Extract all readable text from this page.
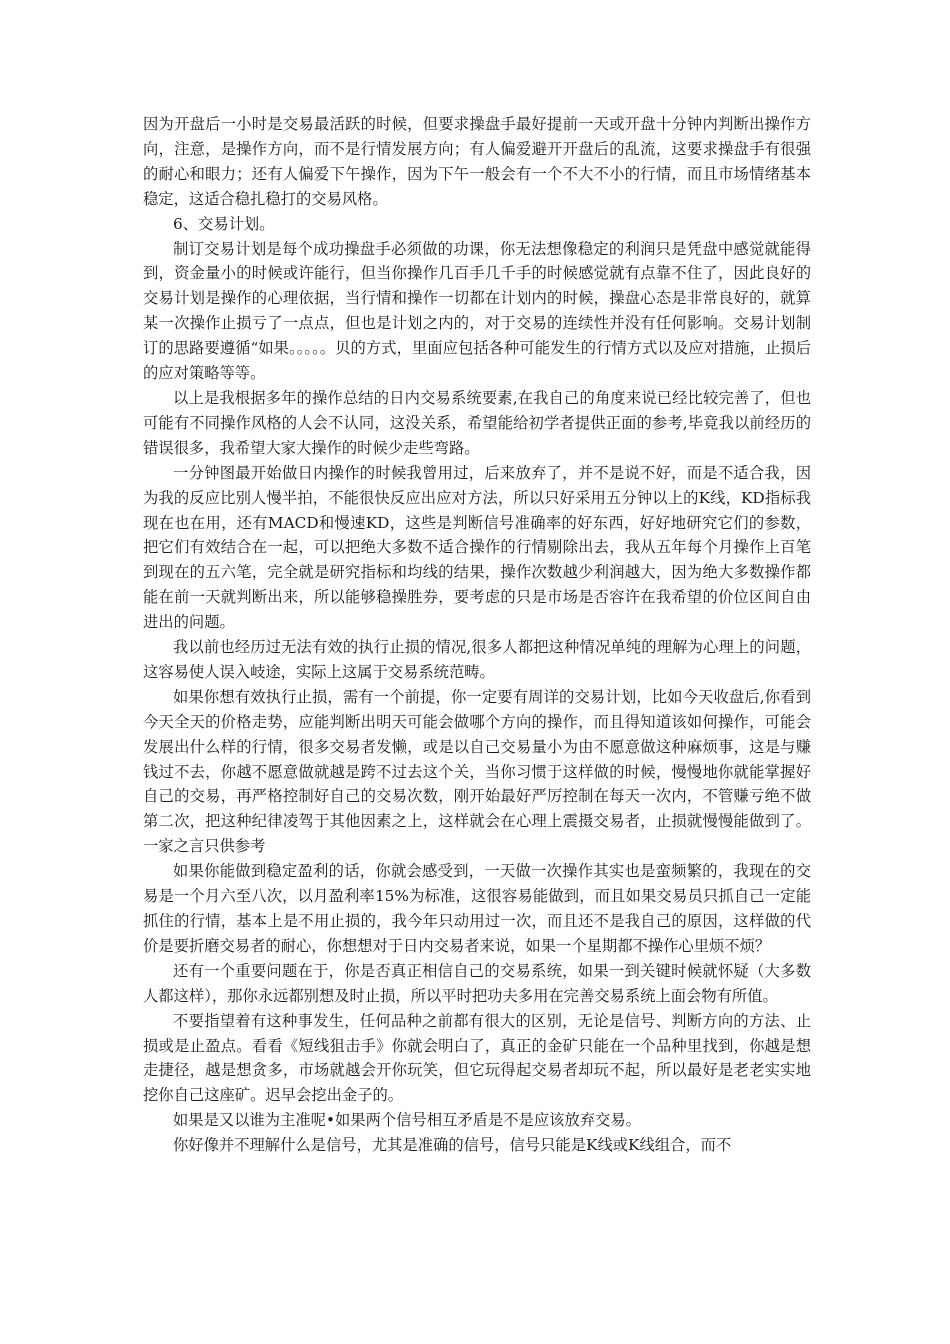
因为开盘后一小时是交易最活跃的时候，但要求操盘手最好提前一天或开盘十分钟内判断出操作方向，注意，是操作方向，而不是行情发展方向；有人偏爱避开开盘后的乱流，这要求操盘手有很强的耐心和眼力；还有人偏爱下午操作，因为下午一般会有一个不大不小的行情，而且市场情绪基本稳定，这适合稳扎稳打的交易风格。

6、交易计划。

制订交易计划是每个成功操盘手必须做的功课，你无法想像稳定的利润只是凭盘中感觉就能得到，资金量小的时候或许能行，但当你操作几百手几千手的时候感觉就有点靠不住了，因此良好的交易计划是操作的心理依据，当行情和操作一切都在计划内的时候，操盘心态是非常良好的，就算某一次操作止损亏了一点点，但也是计划之内的，对于交易的连续性并没有任何影响。交易计划制订的思路要遵循“如果。。。。。贝的方式，里面应包括各种可能发生的行情方式以及应对措施，止损后的应对策略等等。

以上是我根据多年的操作总结的日内交易系统要素,在我自己的角度来说已经比较完善了，但也可能有不同操作风格的人会不认同，这没关系，希望能给初学者提供正面的参考,毕竟我以前经历的错误很多，我希望大家大操作的时候少走些弯路。

一分钟图最开始做日内操作的时候我曾用过，后来放弃了，并不是说不好，而是不适合我，因为我的反应比别人慢半拍，不能很快反应出应对方法，所以只好采用五分钟以上的K线，KD指标我现在也在用，还有MACD和慢速KD，这些是判断信号准确率的好东西，好好地研究它们的参数，把它们有效结合在一起，可以把绝大多数不适合操作的行情剔除出去，我从五年每个月操作上百笔到现在的五六笔，完全就是研究指标和均线的结果，操作次数越少利润越大，因为绝大多数操作都能在前一天就判断出来，所以能够稳操胜券，要考虑的只是市场是否容许在我希望的价位区间自由进出的问题。

我以前也经历过无法有效的执行止损的情况,很多人都把这种情况单纯的理解为心理上的问题，这容易使人误入岐途，实际上这属于交易系统范畴。

如果你想有效执行止损，需有一个前提，你一定要有周详的交易计划，比如今天收盘后,你看到今天全天的价格走势，应能判断出明天可能会做哪个方向的操作，而且得知道该如何操作，可能会发展出什么样的行情，很多交易者发懒，或是以自己交易量小为由不愿意做这种麻烦事，这是与赚钱过不去，你越不愿意做就越是跨不过去这个关，当你习惯于这样做的时候，慢慢地你就能掌握好自己的交易，再严格控制好自己的交易次数，刚开始最好严厉控制在每天一次内，不管赚亏绝不做第二次，把这种纪律凌驾于其他因素之上，这样就会在心理上震摄交易者，止损就慢慢能做到了。一家之言只供参考

如果你能做到稳定盈利的话，你就会感受到，一天做一次操作其实也是蛮频繁的，我现在的交易是一个月六至八次，以月盈利率15%为标准，这很容易能做到，而且如果交易员只抓自己一定能抓住的行情，基本上是不用止损的，我今年只动用过一次，而且还不是我自己的原因，这样做的代价是要折磨交易者的耐心，你想想对于日内交易者来说，如果一个星期都不操作心里烦不烦？

还有一个重要问题在于，你是否真正相信自己的交易系统，如果一到关键时候就怀疑（大多数人都这样），那你永远都别想及时止损，所以平时把功夫多用在完善交易系统上面会物有所值。

不要指望着有这种事发生，任何品种之前都有很大的区别，无论是信号、判断方向的方法、止损或是止盈点。看看《短线狙击手》你就会明白了，真正的金矿只能在一个品种里找到，你越是想走捷径，越是想贪多，市场就越会开你玩笑，但它玩得起交易者却玩不起，所以最好是老老实实地挖你自己这座矿。迟早会挖出金子的。

如果是又以谁为主准呢•如果两个信号相互矛盾是不是应该放弃交易。

你好像并不理解什么是信号，尤其是准确的信号，信号只能是K线或K线组合，而不
